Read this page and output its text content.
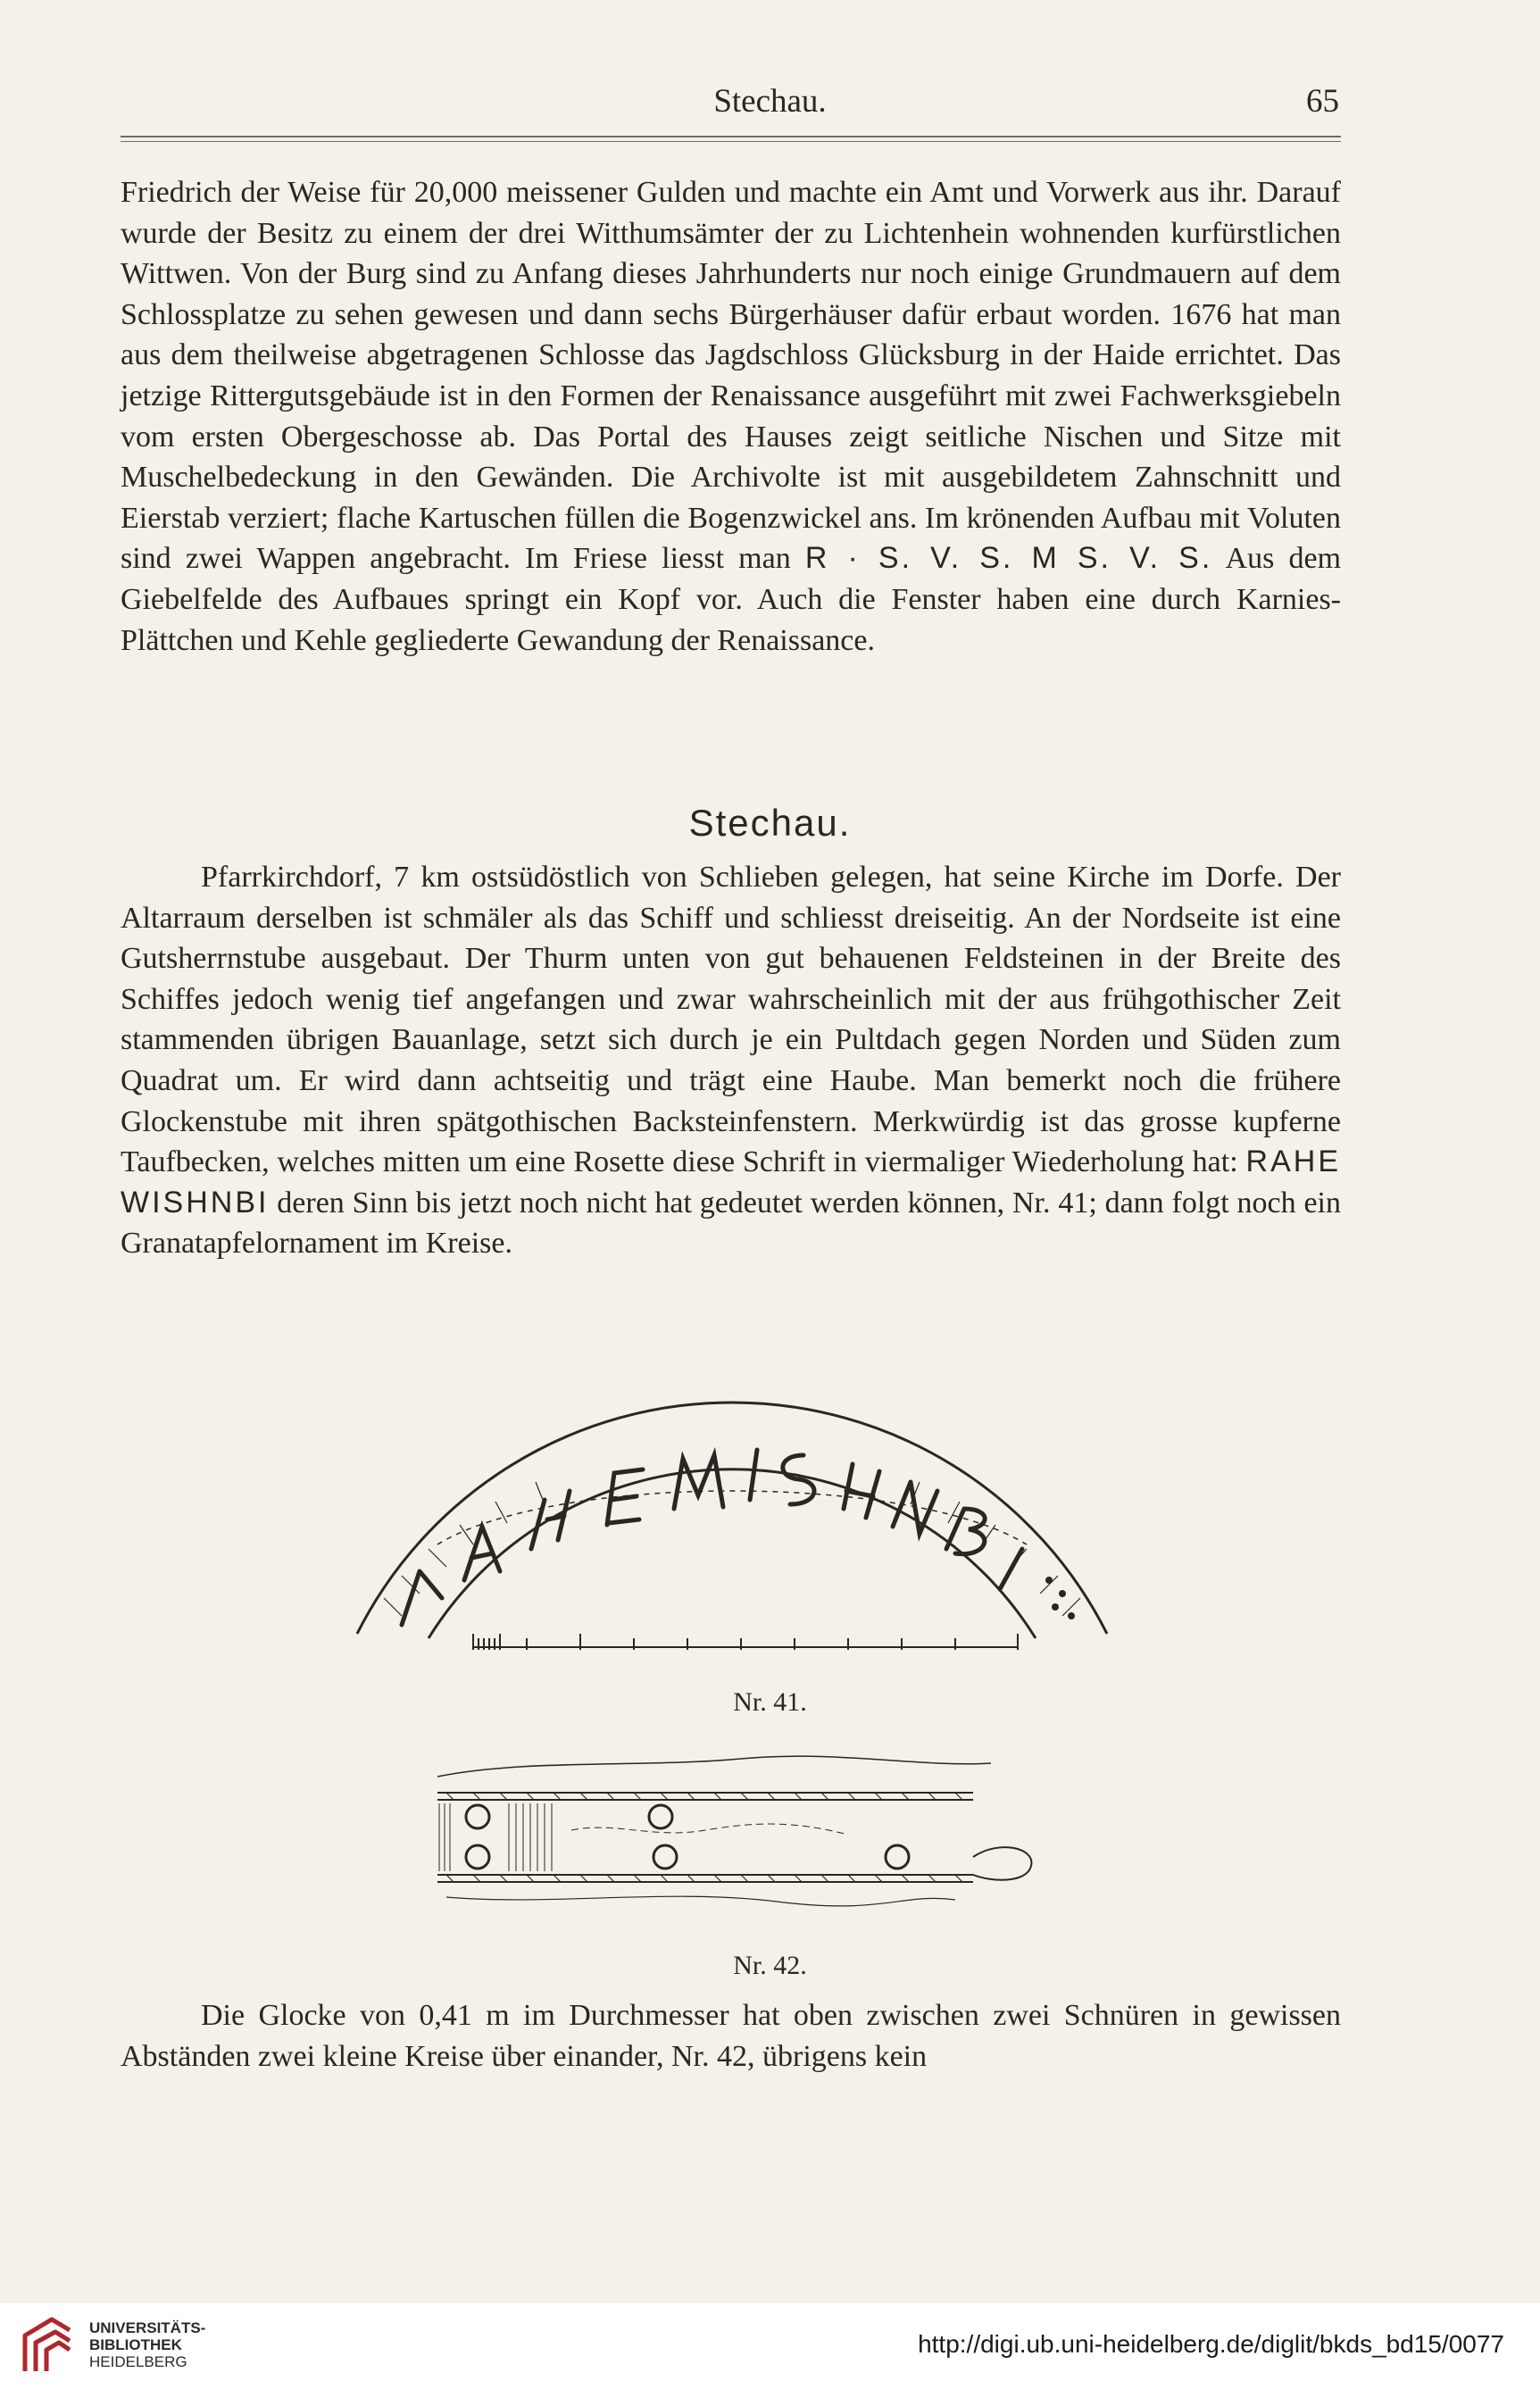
Stechau.	65

Friedrich der Weise für 20,000 meissener Gulden und machte ein Amt und Vorwerk aus ihr. Darauf wurde der Besitz zu einem der drei Witthumsämter der zu Lichtenhein wohnenden kurfürstlichen Wittwen. Von der Burg sind zu Anfang dieses Jahrhunderts nur noch einige Grundmauern auf dem Schlossplatze zu sehen gewesen und dann sechs Bürgerhäuser dafür erbaut worden. 1676 hat man aus dem theilweise abgetragenen Schlosse das Jagdschloss Glücksburg in der Haide errichtet. Das jetzige Rittergutsgebäude ist in den Formen der Renaissance ausgeführt mit zwei Fachwerksgiebeln vom ersten Obergeschosse ab. Das Portal des Hauses zeigt seitliche Nischen und Sitze mit Muschelbedeckung in den Gewänden. Die Archivolte ist mit ausgebildetem Zahnschnitt und Eierstab verziert; flache Kartuschen füllen die Bogenzwickel ans. Im krönenden Aufbau mit Voluten sind zwei Wappen angebracht. Im Friese liesst man R · S. V. S. M S. V. S. Aus dem Giebelfelde des Aufbaues springt ein Kopf vor. Auch die Fenster haben eine durch Karnies-Plättchen und Kehle gegliederte Gewandung der Renaissance.

Stechau.

Pfarrkirchdorf, 7 km ostsüdöstlich von Schlieben gelegen, hat seine Kirche im Dorfe. Der Altarraum derselben ist schmäler als das Schiff und schliesst dreiseitig. An der Nordseite ist eine Gutsherrnstube ausgebaut. Der Thurm unten von gut behauenen Feldsteinen in der Breite des Schiffes jedoch wenig tief angefangen und zwar wahrscheinlich mit der aus frühgothischer Zeit stammenden übrigen Bauanlage, setzt sich durch je ein Pultdach gegen Norden und Süden zum Quadrat um. Er wird dann achtseitig und trägt eine Haube. Man bemerkt noch die frühere Glockenstube mit ihren spätgothischen Backsteinfenstern. Merkwürdig ist das grosse kupferne Taufbecken, welches mitten um eine Rosette diese Schrift in viermaliger Wiederholung hat: RAHE WISHNBI deren Sinn bis jetzt noch nicht hat gedeutet werden können, Nr. 41; dann folgt noch ein Granatapfelornament im Kreise.

Nr. 41.
Nr. 42.

Die Glocke von 0,41 m im Durchmesser hat oben zwischen zwei Schnüren in gewissen Abständen zwei kleine Kreise über einander, Nr. 42, übrigens kein

UNIVERSITÄTS-
BIBLIOTHEK
HEIDELBERG
http://digi.ub.uni-heidelberg.de/diglit/bkds_bd15/0077
